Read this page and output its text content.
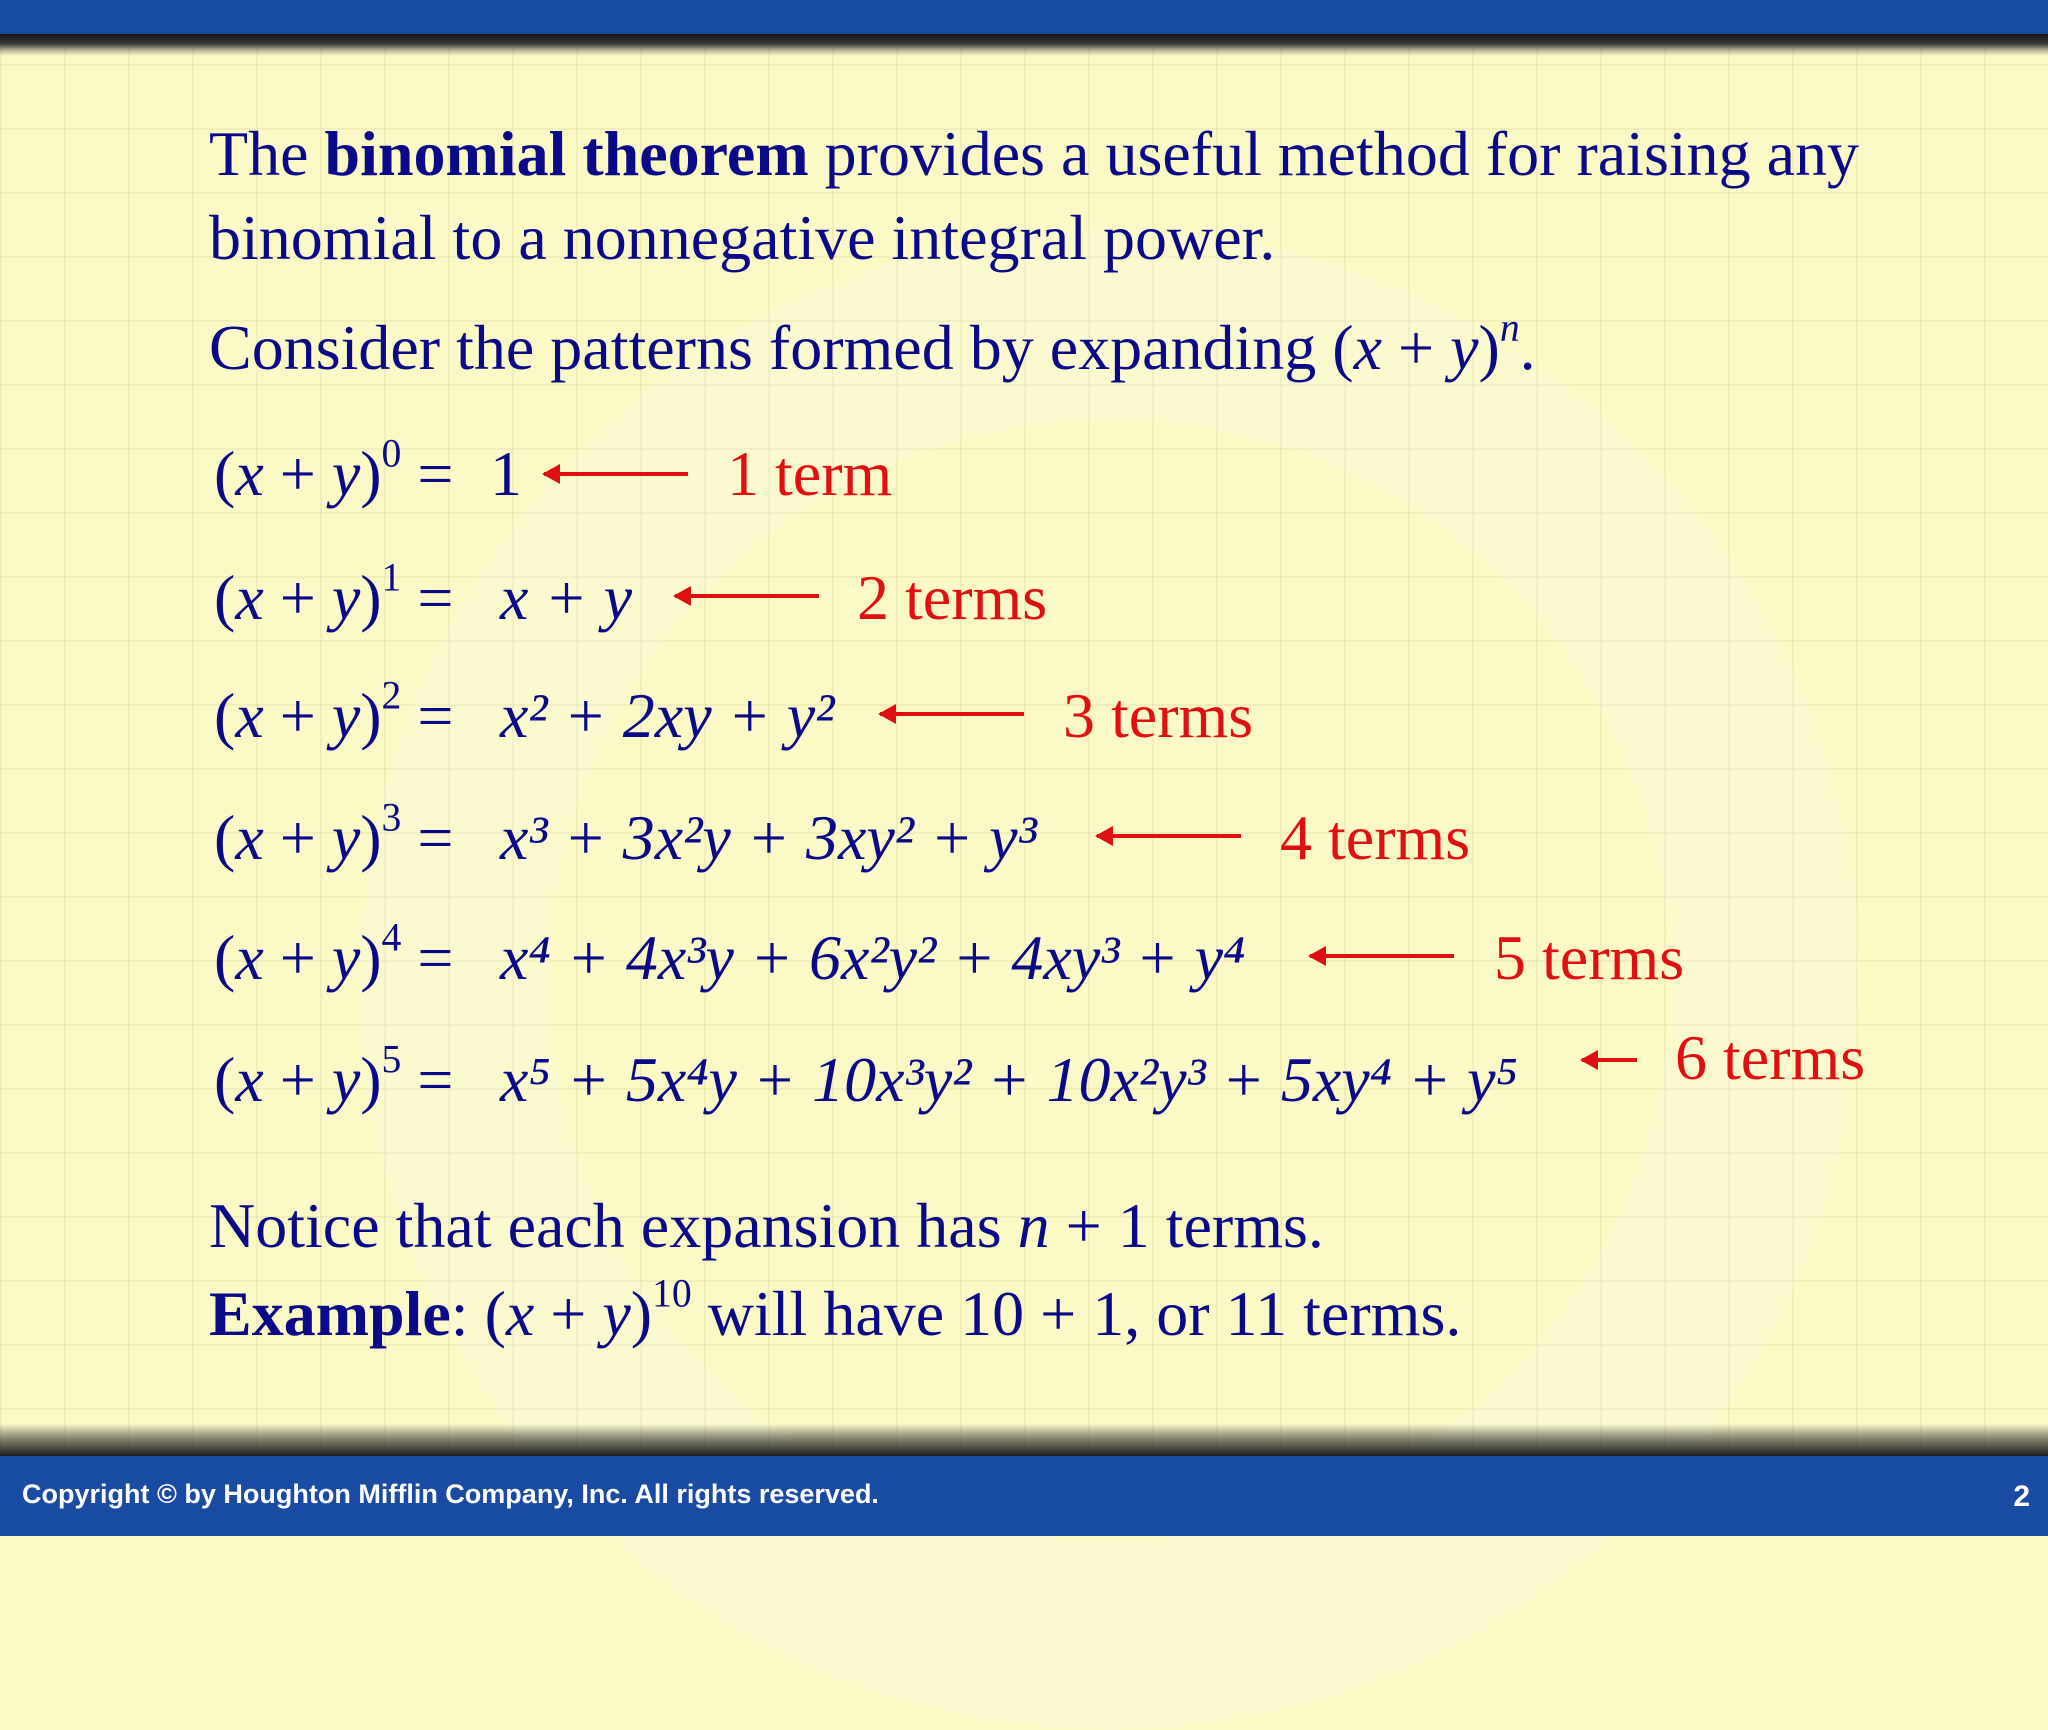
The binomial theorem provides a useful method for raising any
binomial to a nonnegative integral power.
Consider the patterns formed by expanding $(x + y)^n$.
$(x + y)^0 = 1$	1 term
$(x + y)^1 = x + y$	2 terms
$(x + y)^2 = x^2 + 2xy + y^2$	3 terms
$(x + y)^3 = x^3 + 3x^2y + 3xy^2 + y^3$	4 terms
$(x + y)^4 = x^4 + 4x^3y + 6x^2y^2 + 4xy^3 + y^4$	5 terms
$(x + y)^5 = x^5 + 5x^4y + 10x^3y^2 + 10x^2y^3 + 5xy^4 + y^5$ 6 terms
Notice that each expansion has n + 1 terms.
Example: $(x + y)^{10}$ will have 10 + 1, or 11 terms.
Copyright © by Houghton Mifflin Company, Inc. All rights reserved.	2
